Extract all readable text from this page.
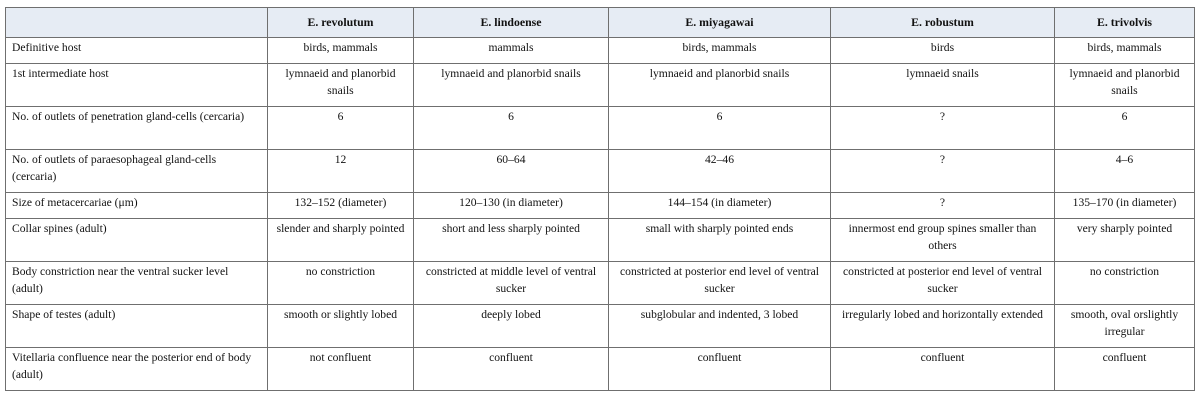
	E. revolutum	E. lindoense	E. miyagawai	E. robustum	E. trivolvis
Definitive host	birds, mammals	mammals	birds, mammals	birds	birds, mammals
1st intermediate host	lymnaeid and planorbid snails	lymnaeid and planorbid snails	lymnaeid and planorbid snails	lymnaeid snails	lymnaeid and planorbid snails
No. of outlets of penetration gland-cells (cercaria)	6	6	6	?	6
No. of outlets of paraesophageal gland-cells (cercaria)	12	60–64	42–46	?	4–6
Size of metacercariae (μm)	132–152 (diameter)	120–130 (in diameter)	144–154 (in diameter)	?	135–170 (in diameter)
Collar spines (adult)	slender and sharply pointed	short and less sharply pointed	small with sharply pointed ends	innermost end group spines smaller than others	very sharply pointed
Body constriction near the ventral sucker level (adult)	no constriction	constricted at middle level of ventral sucker	constricted at posterior end level of ventral sucker	constricted at posterior end level of ventral sucker	no constriction
Shape of testes (adult)	smooth or slightly lobed	deeply lobed	subglobular and indented, 3 lobed	irregularly lobed and horizontally extended	smooth, oval orslightly irregular
Vitellaria confluence near the posterior end of body (adult)	not confluent	confluent	confluent	confluent	confluent
